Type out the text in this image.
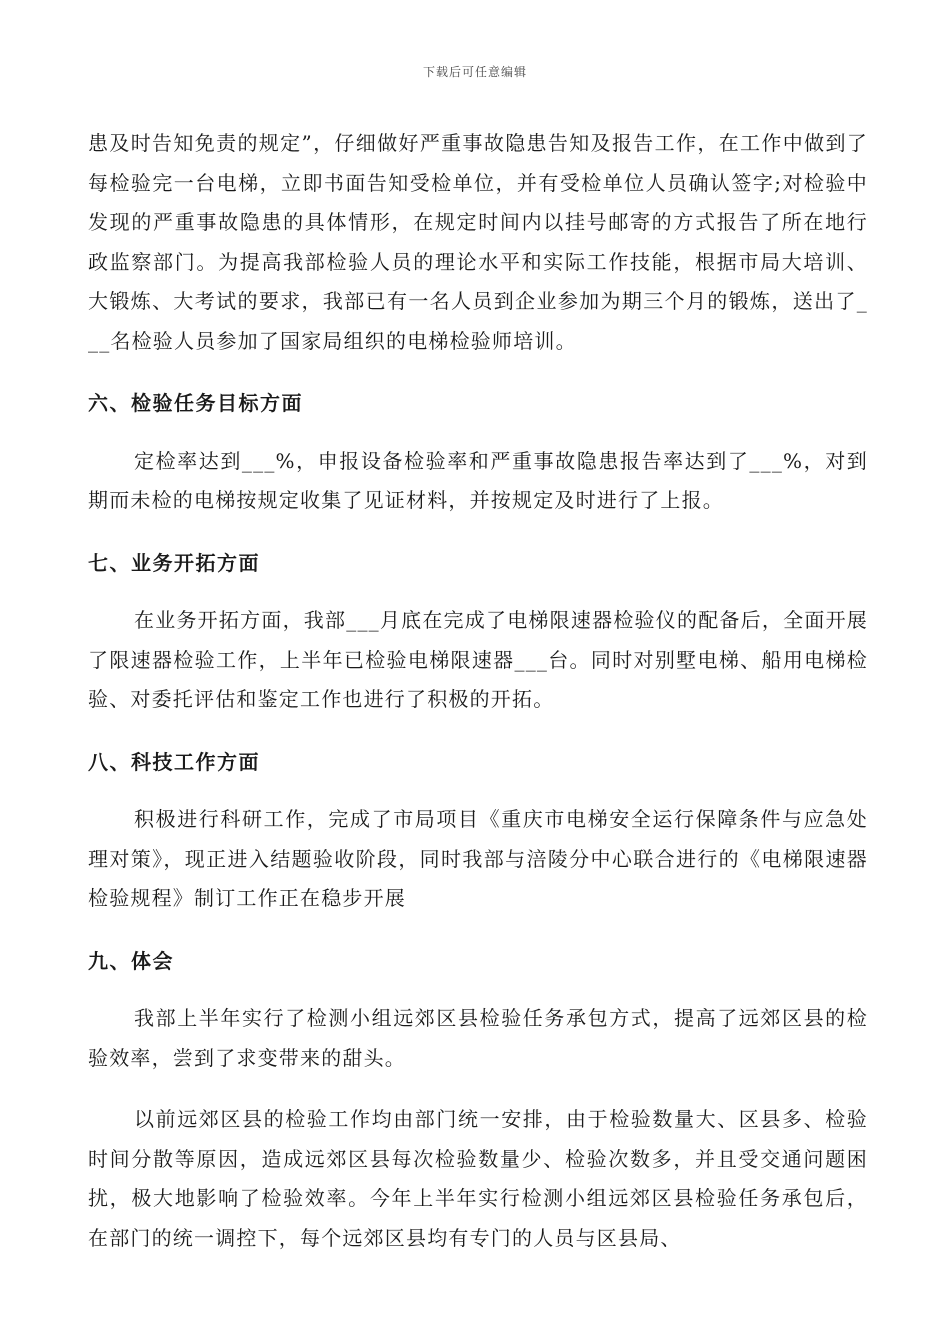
下载后可任意编辑

患及时告知免责的规定”，仔细做好严重事故隐患告知及报告工作，在工作中做到了每检验完一台电梯，立即书面告知受检单位，并有受检单位人员确认签字;对检验中发现的严重事故隐患的具体情形，在规定时间内以挂号邮寄的方式报告了所在地行政监察部门。为提高我部检验人员的理论水平和实际工作技能，根据市局大培训、大锻炼、大考试的要求，我部已有一名人员到企业参加为期三个月的锻炼，送出了___名检验人员参加了国家局组织的电梯检验师培训。

六、检验任务目标方面

定检率达到___%，申报设备检验率和严重事故隐患报告率达到了___%，对到期而未检的电梯按规定收集了见证材料，并按规定及时进行了上报。

七、业务开拓方面

在业务开拓方面，我部___月底在完成了电梯限速器检验仪的配备后，全面开展了限速器检验工作，上半年已检验电梯限速器___台。同时对别墅电梯、船用电梯检验、对委托评估和鉴定工作也进行了积极的开拓。

八、科技工作方面

积极进行科研工作，完成了市局项目《重庆市电梯安全运行保障条件与应急处理对策》，现正进入结题验收阶段，同时我部与涪陵分中心联合进行的《电梯限速器检验规程》制订工作正在稳步开展

九、体会

我部上半年实行了检测小组远郊区县检验任务承包方式，提高了远郊区县的检验效率，尝到了求变带来的甜头。

以前远郊区县的检验工作均由部门统一安排，由于检验数量大、区县多、检验时间分散等原因，造成远郊区县每次检验数量少、检验次数多，并且受交通问题困扰，极大地影响了检验效率。今年上半年实行检测小组远郊区县检验任务承包后，在部门的统一调控下，每个远郊区县均有专门的人员与区县局、
